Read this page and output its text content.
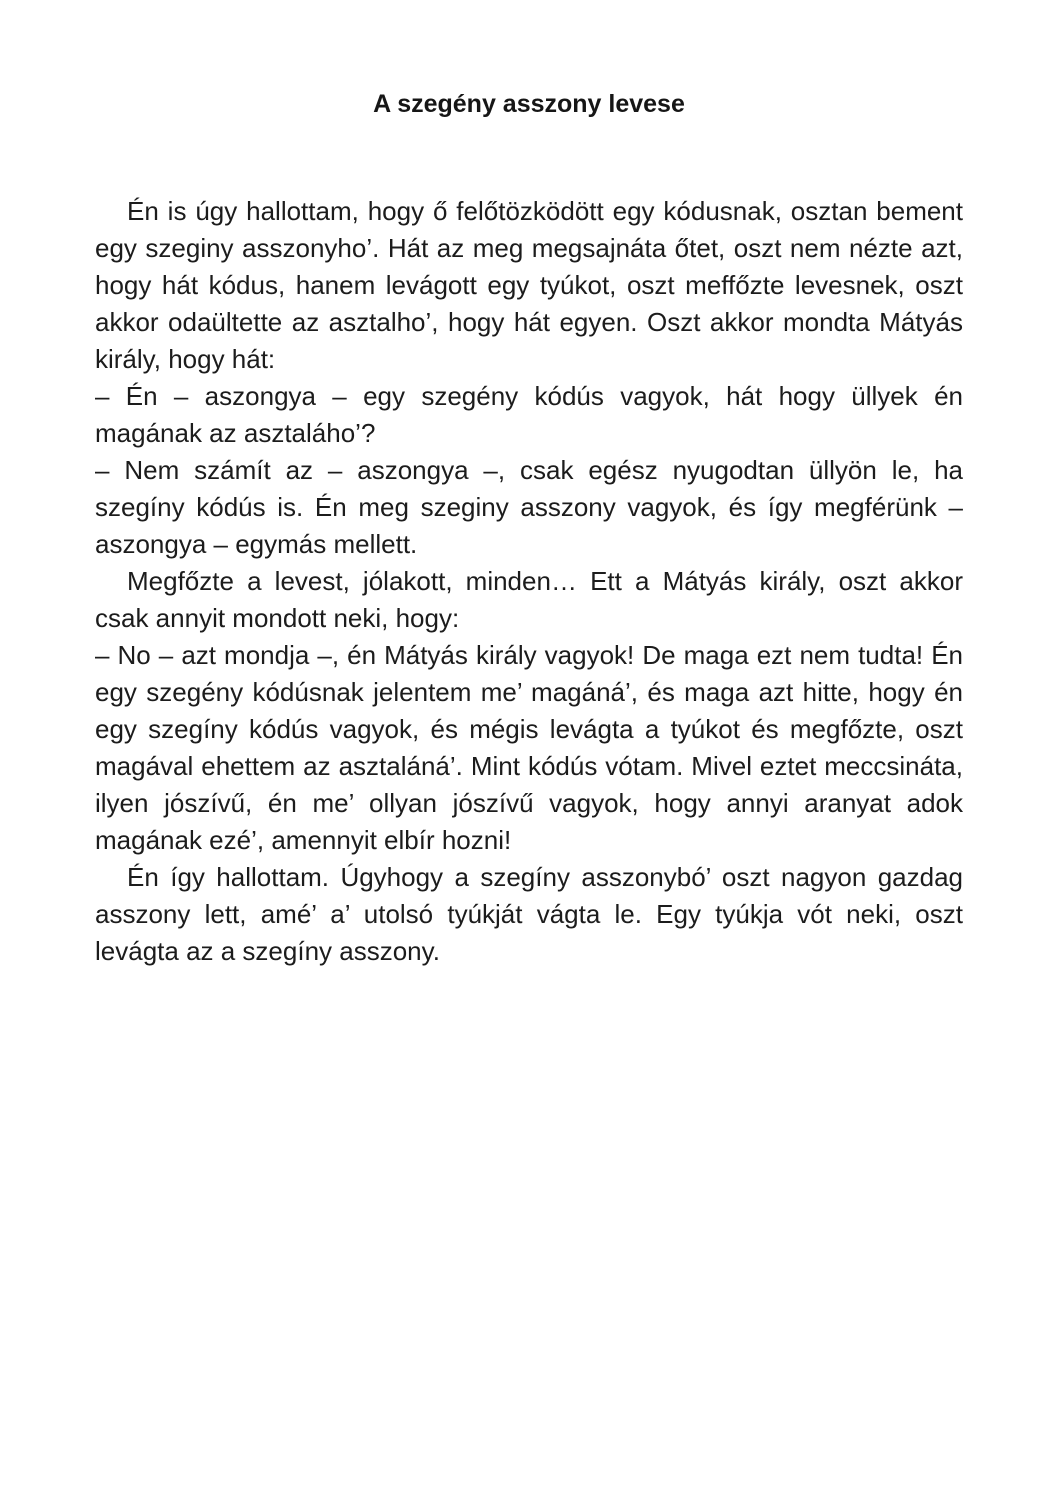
A szegény asszony levese

Én is úgy hallottam, hogy ő felőtözködött egy kódusnak, osztan bement egy szeginy asszonyho’. Hát az meg megsajnáta őtet, oszt nem nézte azt, hogy hát kódus, hanem levágott egy tyúkot, oszt meffőzte levesnek, oszt akkor odaültette az asztalho’, hogy hát egyen. Oszt akkor mondta Mátyás király, hogy hát:

– Én – aszongya – egy szegény kódús vagyok, hát hogy üllyek én magának az asztaláho’?

– Nem számít az – aszongya –, csak egész nyugodtan üllyön le, ha szegíny kódús is. Én meg szeginy asszony vagyok, és így megférünk – aszongya – egymás mellett.

Megfőzte a levest, jólakott, minden… Ett a Mátyás király, oszt akkor csak annyit mondott neki, hogy:

– No – azt mondja –, én Mátyás király vagyok! De maga ezt nem tudta! Én egy szegény kódúsnak jelentem me’ magáná’, és maga azt hitte, hogy én egy szegíny kódús vagyok, és mégis levágta a tyúkot és megfőzte, oszt magával ehettem az asztaláná’. Mint kódús vótam. Mivel eztet meccsináta, ilyen jószívű, én me’ ollyan jószívű vagyok, hogy annyi aranyat adok magának ezé’, amennyit elbír hozni!

Én így hallottam. Úgyhogy a szegíny asszonybó’ oszt nagyon gazdag asszony lett, amé’ a’ utolsó tyúkját vágta le. Egy tyúkja vót neki, oszt levágta az a szegíny asszony.
